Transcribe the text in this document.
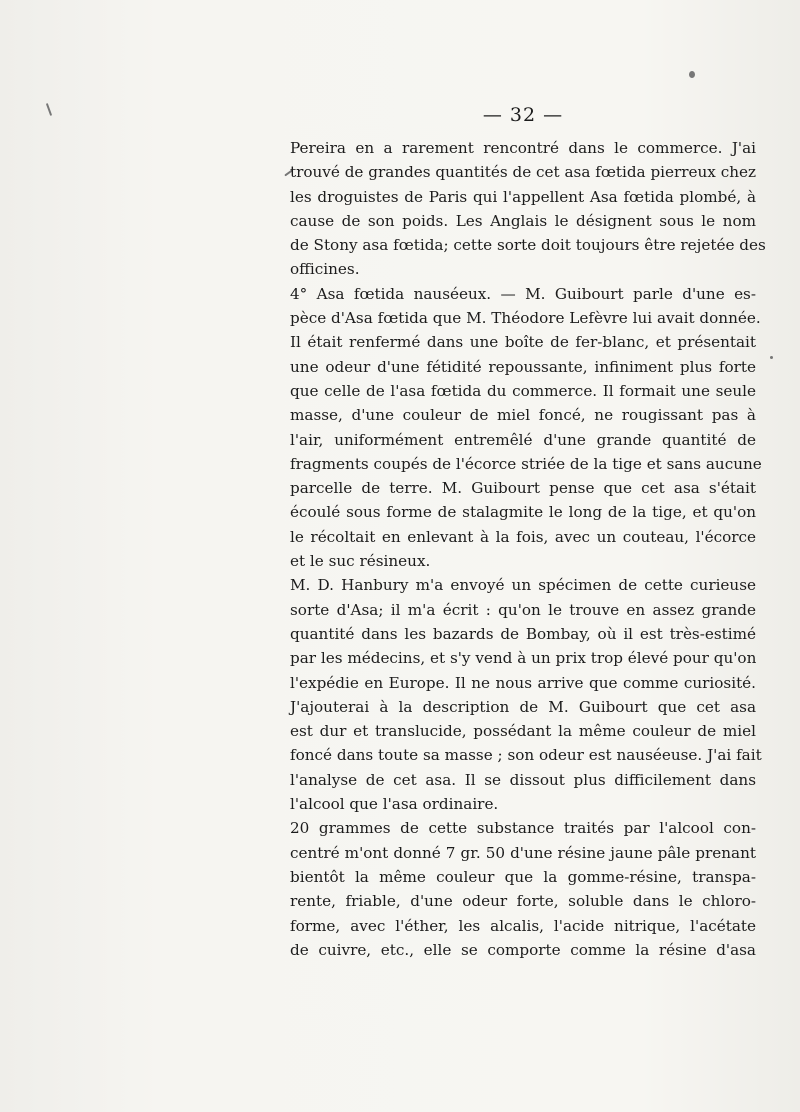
— 32 —
Pereira en a rarement rencontré dans le commerce. J'ai
trouvé de grandes quantités de cet asa fœtida pierreux chez
les droguistes de Paris qui l'appellent Asa fœtida plombé, à
cause de son poids. Les Anglais le désignent sous le nom
de Stony asa fœtida; cette sorte doit toujours être rejetée des
officines.
4° Asa fœtida nauséeux. — M. Guibourt parle d'une es-
pèce d'Asa fœtida que M. Théodore Lefèvre lui avait donnée.
Il était renfermé dans une boîte de fer-blanc, et présentait
une odeur d'une fétidité repoussante, infiniment plus forte
que celle de l'asa fœtida du commerce. Il formait une seule
masse, d'une couleur de miel foncé, ne rougissant pas à
l'air, uniformément entremêlé d'une grande quantité de
fragments coupés de l'écorce striée de la tige et sans aucune
parcelle de terre. M. Guibourt pense que cet asa s'était
écoulé sous forme de stalagmite le long de la tige, et qu'on
le récoltait en enlevant à la fois, avec un couteau, l'écorce
et le suc résineux.
M. D. Hanbury m'a envoyé un spécimen de cette curieuse
sorte d'Asa; il m'a écrit : qu'on le trouve en assez grande
quantité dans les bazards de Bombay, où il est très-estimé
par les médecins, et s'y vend à un prix trop élevé pour qu'on
l'expédie en Europe. Il ne nous arrive que comme curiosité.
J'ajouterai à la description de M. Guibourt que cet asa
est dur et translucide, possédant la même couleur de miel
foncé dans toute sa masse ; son odeur est nauséeuse. J'ai fait
l'analyse de cet asa. Il se dissout plus difficilement dans
l'alcool que l'asa ordinaire.
20 grammes de cette substance traités par l'alcool con-
centré m'ont donné 7 gr. 50 d'une résine jaune pâle prenant
bientôt la même couleur que la gomme-résine, transpa-
rente, friable, d'une odeur forte, soluble dans le chloro-
forme, avec l'éther, les alcalis, l'acide nitrique, l'acétate
de cuivre, etc., elle se comporte comme la résine d'asa
